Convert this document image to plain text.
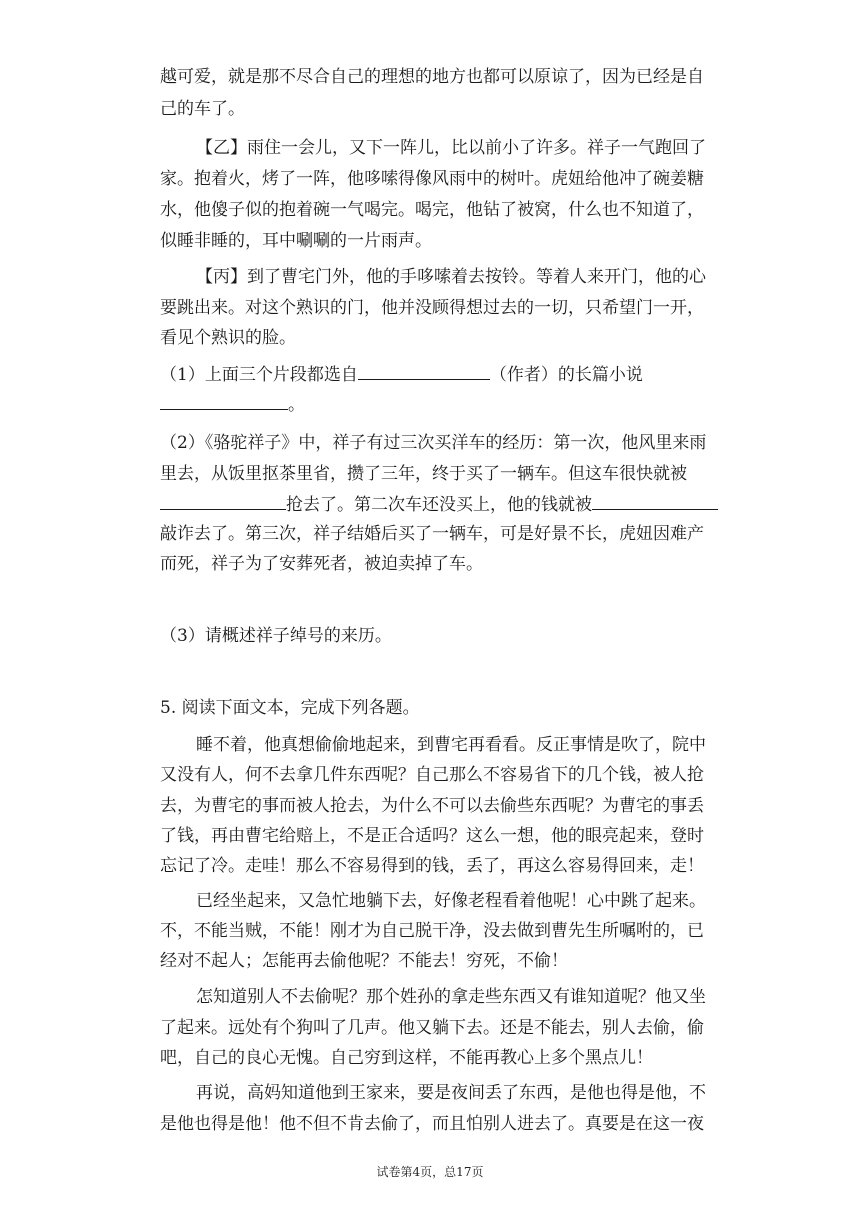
越可爱，就是那不尽合自己的理想的地方也都可以原谅了，因为已经是自
己的车了。
【乙】雨住一会儿，又下一阵儿，比以前小了许多。祥子一气跑回了
家。抱着火，烤了一阵，他哆嗦得像风雨中的树叶。虎妞给他冲了碗姜糖
水，他傻子似的抱着碗一气喝完。喝完，他钻了被窝，什么也不知道了，
似睡非睡的，耳中唰唰的一片雨声。
【丙】到了曹宅门外，他的手哆嗦着去按铃。等着人来开门，他的心
要跳出来。对这个熟识的门，他并没顾得想过去的一切，只希望门一开，
看见个熟识的脸。
（1）上面三个片段都选自	（作者）的长篇小说
。
（2）《骆驼祥子》中，祥子有过三次买洋车的经历：第一次，他风里来雨
里去，从饭里抠茶里省，攒了三年，终于买了一辆车。但这车很快就被
抢去了。第二次车还没买上，他的钱就被
敲诈去了。第三次，祥子结婚后买了一辆车，可是好景不长，虎妞因难产
而死，祥子为了安葬死者，被迫卖掉了车。
（3）请概述祥子绰号的来历。
5. 阅读下面文本，完成下列各题。
睡不着，他真想偷偷地起来，到曹宅再看看。反正事情是吹了，院中
又没有人，何不去拿几件东西呢？自己那么不容易省下的几个钱，被人抢
去，为曹宅的事而被人抢去，为什么不可以去偷些东西呢？为曹宅的事丢
了钱，再由曹宅给赔上，不是正合适吗？这么一想，他的眼亮起来，登时
忘记了冷。走哇！那么不容易得到的钱，丢了，再这么容易得回来，走！
已经坐起来，又急忙地躺下去，好像老程看着他呢！心中跳了起来。
不，不能当贼，不能！刚才为自己脱干净，没去做到曹先生所嘱咐的，已
经对不起人；怎能再去偷他呢？不能去！穷死，不偷！
怎知道别人不去偷呢？那个姓孙的拿走些东西又有谁知道呢？他又坐
了起来。远处有个狗叫了几声。他又躺下去。还是不能去，别人去偷，偷
吧，自己的良心无愧。自己穷到这样，不能再教心上多个黑点儿！
再说，高妈知道他到王家来，要是夜间丢了东西，是他也得是他，不
是他也得是他！他不但不肯去偷了，而且怕别人进去了。真要是在这一夜
试卷第4页，总17页
